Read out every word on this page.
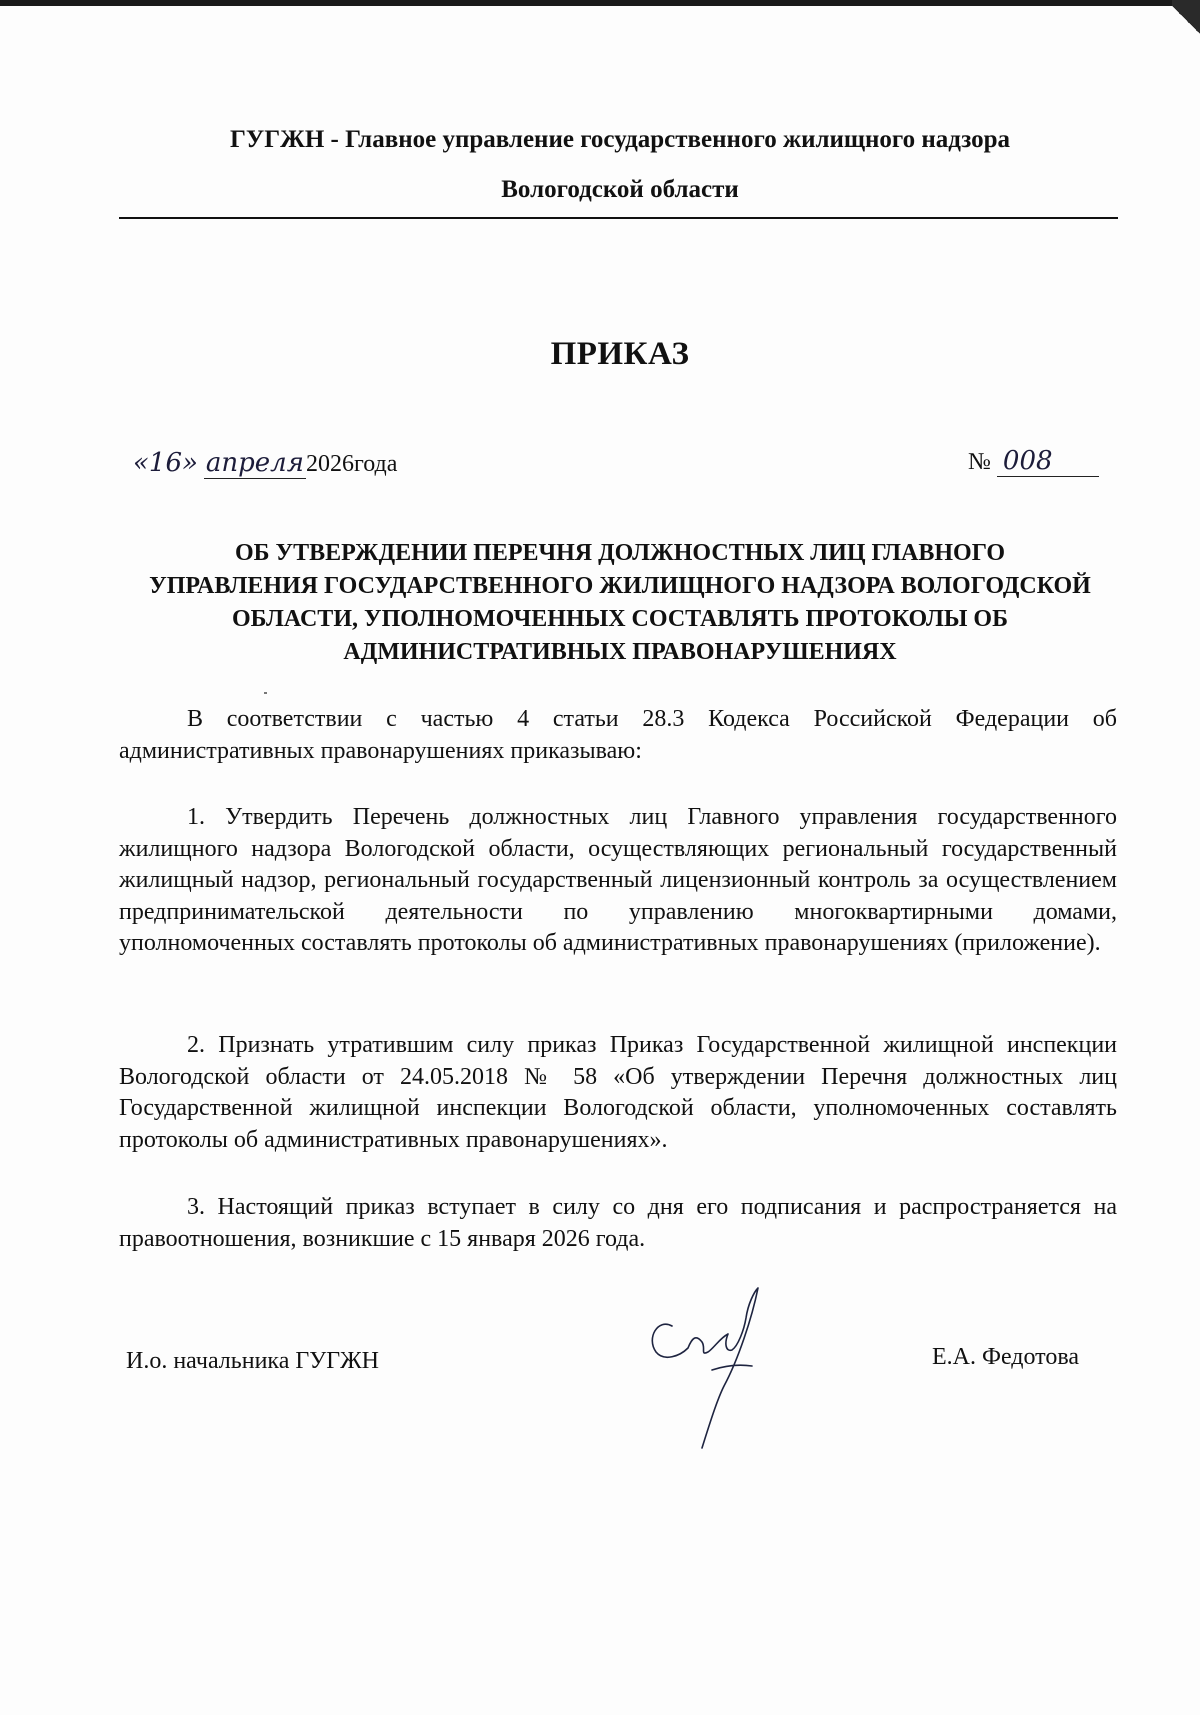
ГУГЖН - Главное управление государственного жилищного надзора
Вологодской области
ПРИКАЗ
«16» апреля2026года	№ 008
ОБ УТВЕРЖДЕНИИ ПЕРЕЧНЯ ДОЛЖНОСТНЫХ ЛИЦ ГЛАВНОГО УПРАВЛЕНИЯ ГОСУДАРСТВЕННОГО ЖИЛИЩНОГО НАДЗОРА ВОЛОГОДСКОЙ ОБЛАСТИ, УПОЛНОМОЧЕННЫХ СОСТАВЛЯТЬ ПРОТОКОЛЫ ОБ АДМИНИСТРАТИВНЫХ ПРАВОНАРУШЕНИЯХ

В соответствии с частью 4 статьи 28.3 Кодекса Российской Федерации об административных правонарушениях приказываю:

1. Утвердить Перечень должностных лиц Главного управления государственного жилищного надзора Вологодской области, осуществляющих региональный государственный жилищный надзор, региональный государственный лицензионный контроль за осуществлением предпринимательской деятельности по управлению многоквартирными домами, уполномоченных составлять протоколы об административных правонарушениях (приложение).

2. Признать утратившим силу приказ Приказ Государственной жилищной инспекции Вологодской области от 24.05.2018 № 58 «Об утверждении Перечня должностных лиц Государственной жилищной инспекции Вологодской области, уполномоченных составлять протоколы об административных правонарушениях».

3. Настоящий приказ вступает в силу со дня его подписания и распространяется на правоотношения, возникшие с 15 января 2026 года.

И.о. начальника ГУГЖН	Е.А. Федотова
